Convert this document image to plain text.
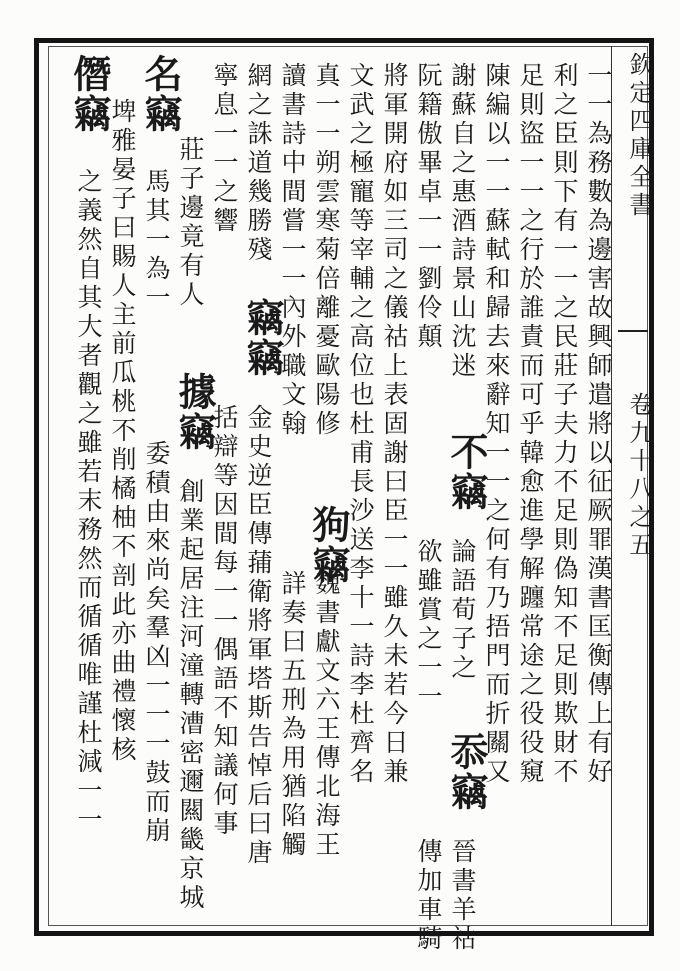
欽定四庫全書
卷九十八之五
一一為務數為邊害故興師遣將以征厥罪漢書匡衡傳上有好
利之臣則下有一一之民莊子夫力不足則偽知不足則欺財不
足則盜一一之行於誰責而可乎韓愈進學解躔常途之役役窺
陳編以一一蘇軾和歸去來辭知一一之何有乃捂門而折關又
謝蘇自之惠酒詩景山沈迷
不竊
論語荀子之
忝竊
晉書羊祜
阮籍傲畢卓一一劉伶顛
欲雖賞之一一
傳加車騎
將軍開府如三司之儀祜上表固謝曰臣一一雖久未若今日兼
文武之極寵等宰輔之高位也杜甫長沙送李十一詩李杜齊名
真一一朔雲寒菊倍離憂歐陽修
狗竊
魏書獻文六王傳北海王
讀書詩中間嘗一一內外職文翰
詳奏曰五刑為用猶陷觸
網之誅道幾勝殘
竊竊
金史逆臣傳蒱衛將軍塔斯告悼后曰唐
寧息一一之響
括辯等因間每一一偶語不知議何事
莊子邊竟有人
據竊
創業起居注河潼轉漕密邇闗畿京城
名竊
馬其一為一
委積由來尚矣羣凶一一一鼓而崩
埤雅晏子曰賜人主前瓜桃不削橘柚不剖此亦曲禮懷核
僭竊
之義然自其大者觀之雖若末務然而循循唯謹杜減一一
